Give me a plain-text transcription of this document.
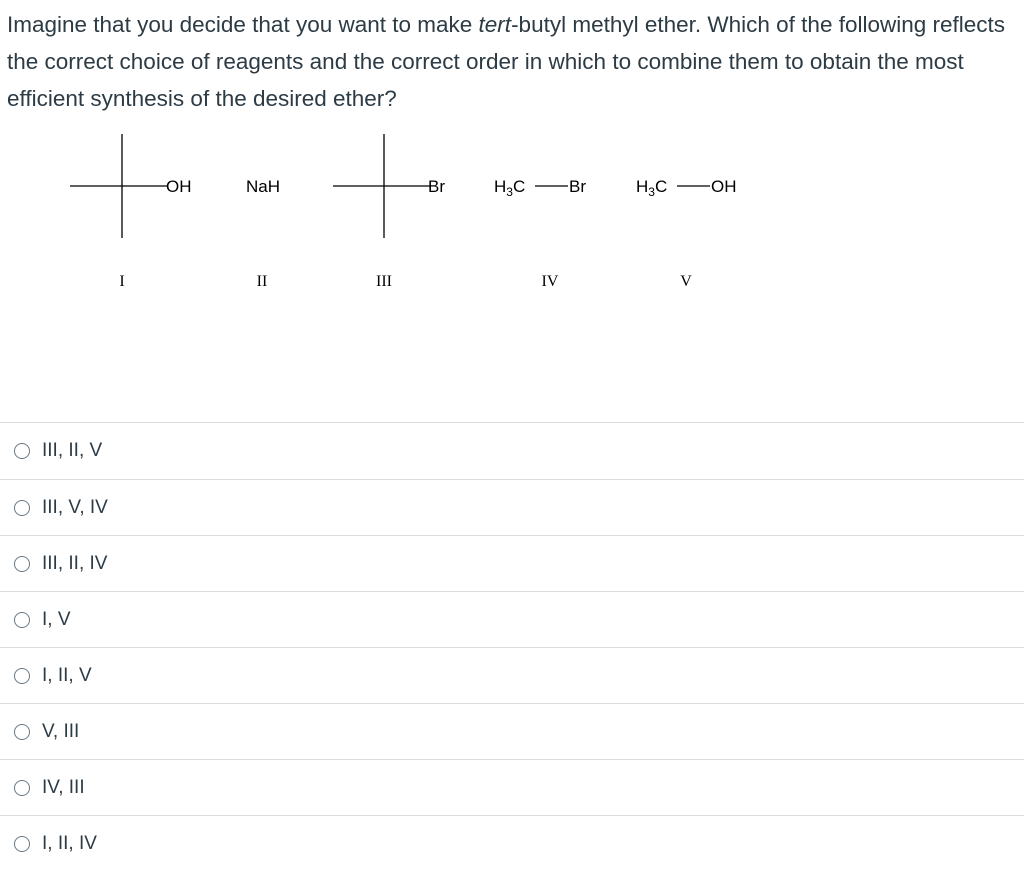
Imagine that you decide that you want to make tert-butyl methyl ether. Which of the following reflects the correct choice of reagents and the correct order in which to combine them to obtain the most efficient synthesis of the desired ether?
OH
I
NaH
II
Br
III
$H_3C$	Br
IV
$H_3C$	OH
V
III, II, V
III, V, IV
III, II, IV
I, V
I, II, V
V, III
IV, III
I, II, IV
